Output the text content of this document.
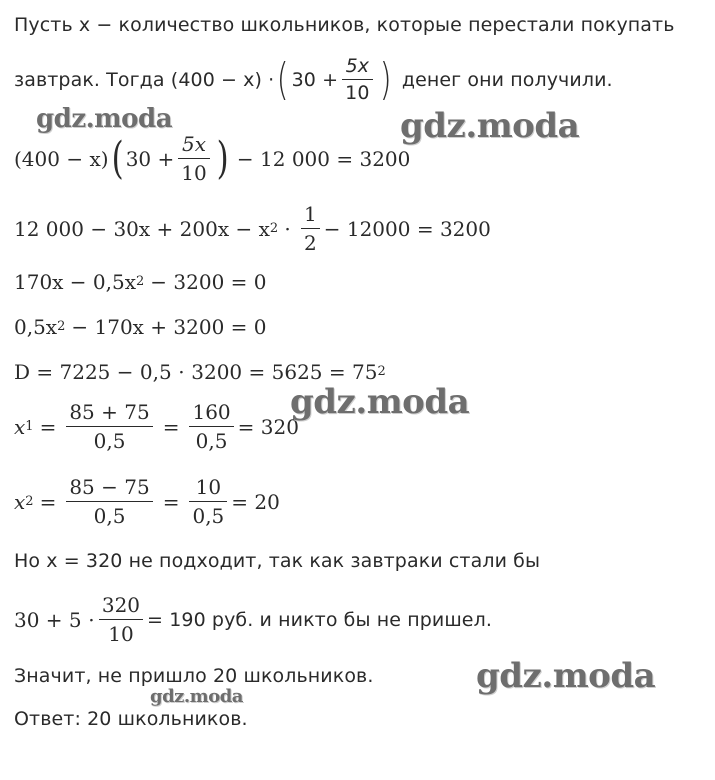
Пусть x − количество школьников, которые перестали покупать
завтрак. Тогда (400 − x) ⋅ ( $30 + \frac{5x}{10}$ ) денег они получили.
(400 − x) ( $30 + \frac{5x}{10}$ ) − 12 000 = 3200
12 000 − 30x + 200x − x $2 \cdot \frac{1}{2} - 12000 = 3200$
170x − 0,5x 2 − 3200 = 0
0,5x 2 − 170x + 3200 = 0
D = 7225 − 0,5 ⋅ 3200 = 5625 = 75 2
x $1 = \frac{85 + 75}{0,5} = \frac{160}{0,5} = 320$
x $2 = \frac{85 - 75}{0,5} = \frac{10}{0,5} = 20$
Но x = 320 не подходит, так как завтраки стали бы
$30 + 5 \cdot \frac{320}{10} = 190$ руб. и никто бы не пришел.
Значит, не пришло 20 школьников.
Ответ: 20 школьников.
gdz.moda	gdz.moda
gdz.moda
gdz.moda
gdz.moda
